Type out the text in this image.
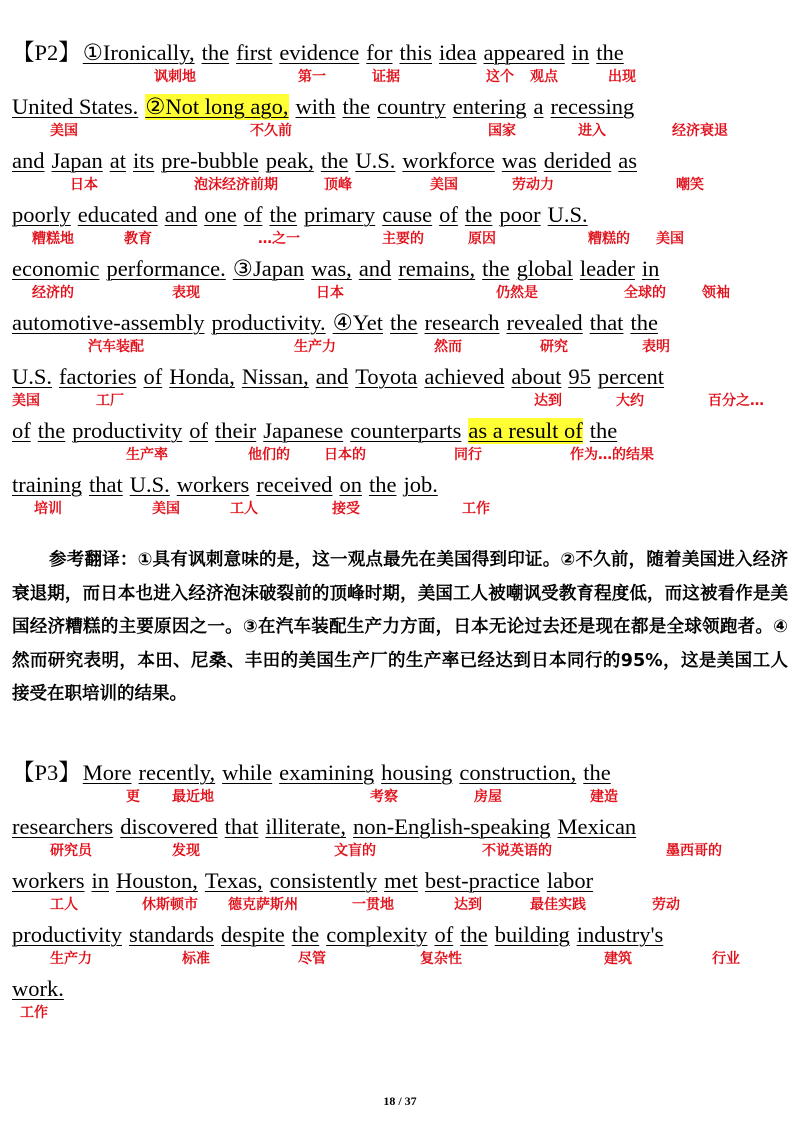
【P2】①Ironically, the first evidence for this idea appeared in the
讽刺地	第一	证据	这个 观点	出现
United States. ②Not long ago, with the country entering a recessing
美国	不久前	国家	进入	经济衰退
and Japan at its pre-bubble peak, the U.S. workforce was derided as
日本	泡沫经济前期	顶峰	美国	劳动力	嘲笑
poorly educated and one of the primary cause of the poor U.S.
糟糕地	教育	…之一	主要的	原因	糟糕的 美国
economic performance. ③Japan was, and remains, the global leader in
经济的	表现	日本	仍然是	全球的	领袖
automotive-assembly productivity. ④Yet the research revealed that the
汽车装配	生产力	然而	研究	表明
U.S. factories of Honda, Nissan, and Toyota achieved about 95 percent
美国	工厂	达到	大约	百分之…
of the productivity of their Japanese counterparts as a result of the
生产率	他们的 日本的	同行	作为…的结果
training that U.S. workers received on the job.
培训	美国	工人	接受	工作
参考翻译：①具有讽刺意味的是，这一观点最先在美国得到印证。②不久前，随着美国进入经济衰退期，而日本也进入经济泡沫破裂前的顶峰时期，美国工人被嘲讽受教育程度低，而这被看作是美国经济糟糕的主要原因之一。③在汽车装配生产力方面，日本无论过去还是现在都是全球领跑者。④然而研究表明，本田、尼桑、丰田的美国生产厂的生产率已经达到日本同行的95%，这是美国工人接受在职培训的结果。
【P3】More recently, while examining housing construction, the
更 最近地	考察	房屋	建造
researchers discovered that illiterate, non-English-speaking Mexican
研究员	发现	文盲的	不说英语的	墨西哥的
workers in Houston, Texas, consistently met best-practice labor
工人	休斯顿市 德克萨斯州	一贯地	达到	最佳实践	劳动
productivity standards despite the complexity of the building industry's
生产力	标准	尽管	复杂性	建筑	行业
work.
工作
18 / 37
